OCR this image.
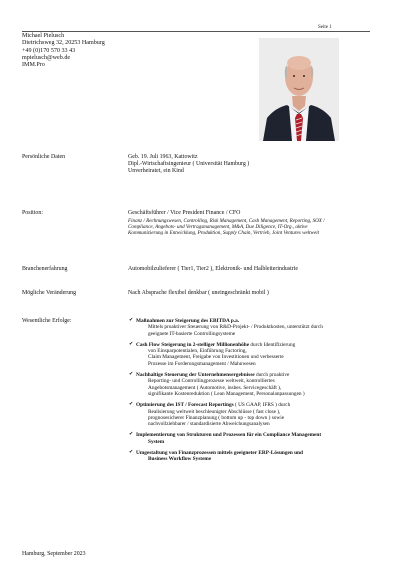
Seite 1
Michael Pielusch
Dietrichsweg 32, 20253 Hamburg
+49 (0)170 570 33 43
mpielusch@web.de
IMM.Pro
Persönliche Daten	Geb. 19. Juli 1963, Kattowitz
Dipl.-Wirtschaftsingenieur ( Universität Hamburg )
Unverheiratet, ein Kind
Position:	Geschäftsführer / Vice President Finance / CFO
Finanz / Rechnungswesen, Controlling, Risk Management, Cash Management, Reporting, SOX /
Compliance, Angebots- und Vertragsmanagement, M&A, Due Diligence, IT-Org., aktive
Kommunizierung in Entwicklung, Produktion, Supply Chain, Vertrieb, Joint Ventures weltweit
Branchenerfahrung	Automobilzulieferer ( Tier1, Tier2 ), Elektronik- und Halbleiterindustrie
Mögliche Veränderung	Nach Absprache flexibel denkbar ( uneingeschränkt mobil )
Wesentliche Erfolge:	✔ Maßnahmen zur Steigerung des EBITDA p.a.
Mittels proaktiver Steuerung von R&D-Projekt- / Produktkosten, unterstützt durch
geeignete IT-basierte Controllingsysteme
✔ Cash Flow Steigerung in 2-stelliger Millionenhöhe durch Identifizierung
von Einsparpotentialen, Einführung Factoring,
Claim Management, Freigabe von Investitionen und verbesserte
Prozesse im Forderungsmanagement / Mahnwesen
✔ Nachhaltige Steuerung der Unternehmensergebnisse durch proaktive
Reporting- und Controllingprozesse weltweit, kontrolliertes
Angebotsmanagement ( Automotive, insbes. Servicegeschäft ),
signifikante Kostenreduktion ( Lean Management, Personalanpassungen )
✔ Optimierung des IST / Forecast Reportings ( US GAAP, IFRS ) durch
Realisierung weltweit beschleunigter Abschlüsse ( fast close ),
prognosesicherer Finanzplanung ( bottom up - top down ) sowie
nachvollziehbarer / standardisierte Abweichungsanalysen
✔ Implementierung von Strukturen und Prozessen für ein Compliance Management
System
✔ Umgestaltung von Finanzprozessen mittels geeigneter ERP-Lösungen und
Business Workflow Systeme
Hamburg, September 2023
